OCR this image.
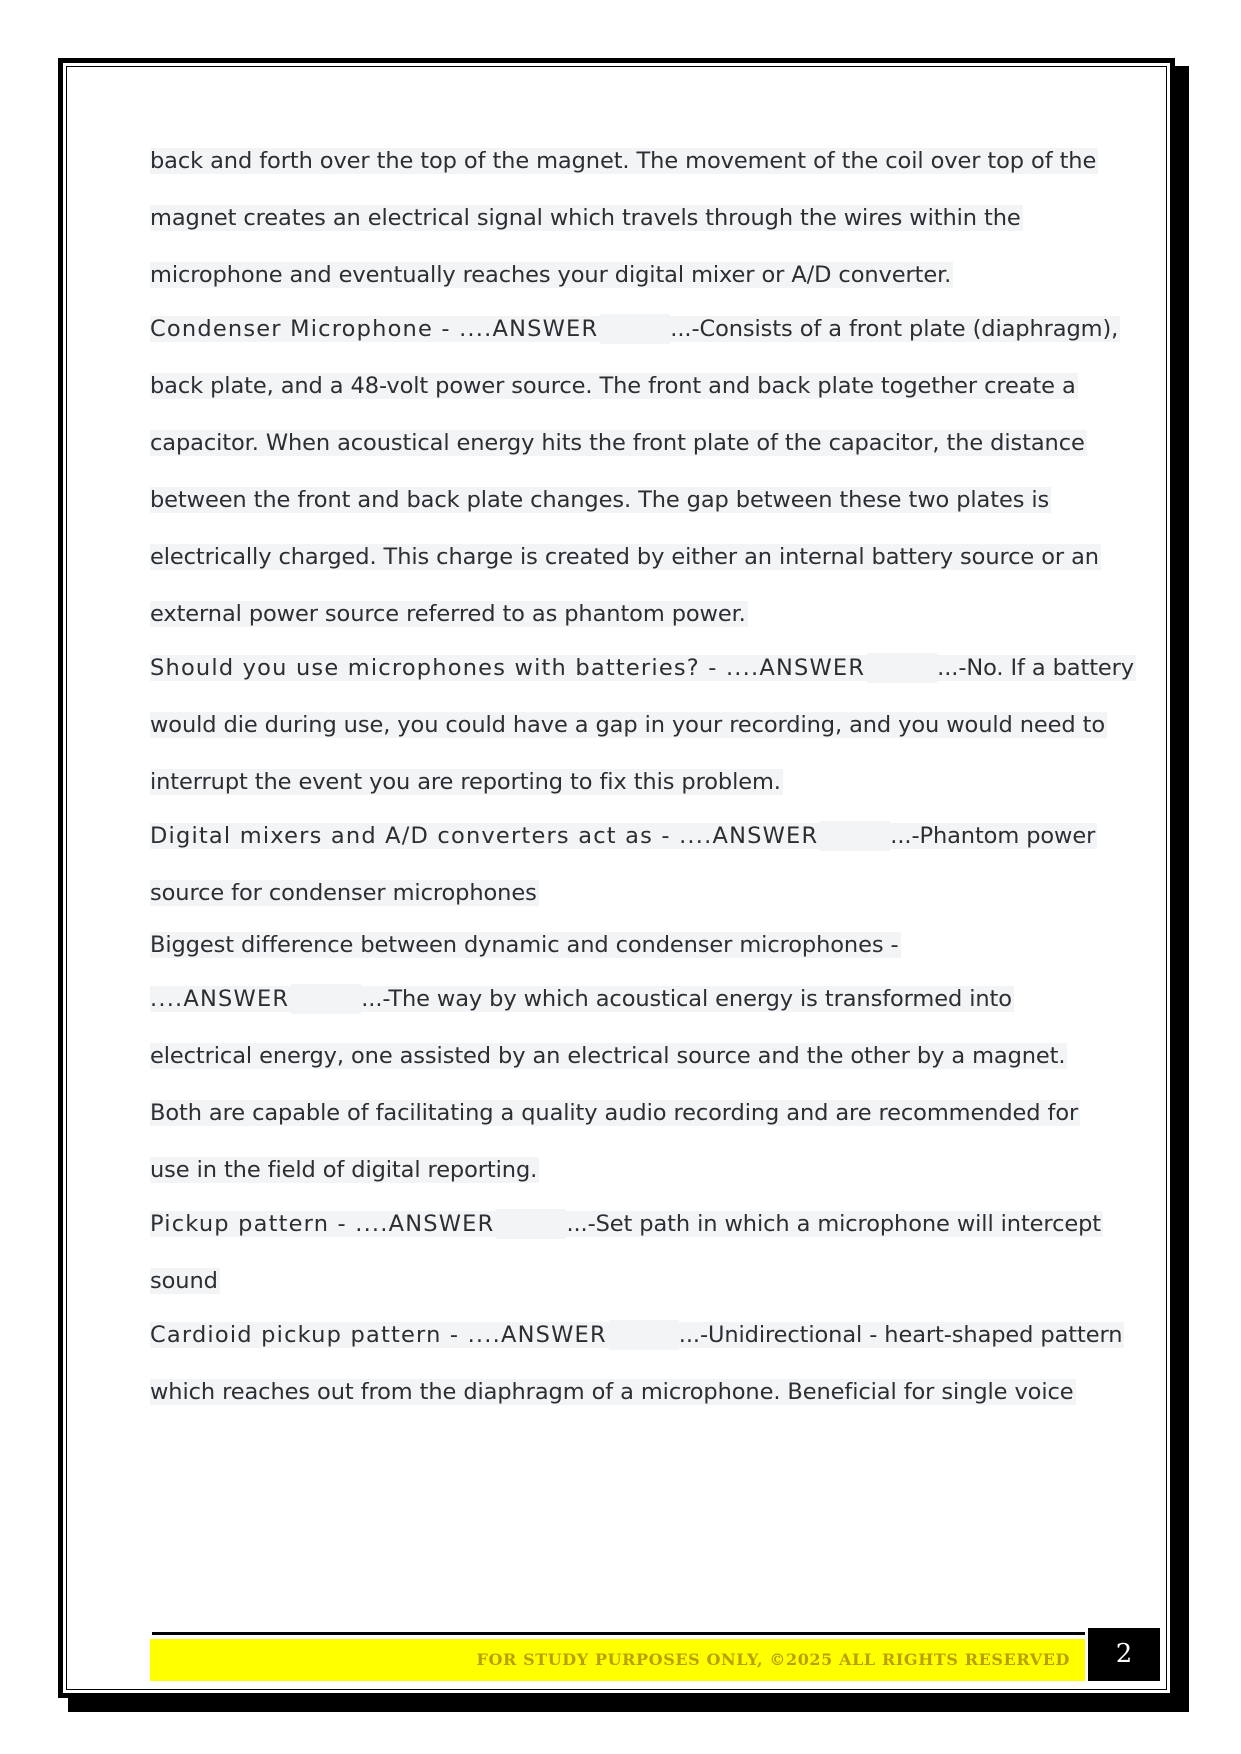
back and forth over the top of the magnet. The movement of the coil over top of the
magnet creates an electrical signal which travels through the wires within the
microphone and eventually reaches your digital mixer or A/D converter.
Condenser Microphone - ....ANSWER	...-Consists of a front plate (diaphragm),
back plate, and a 48-volt power source. The front and back plate together create a
capacitor. When acoustical energy hits the front plate of the capacitor, the distance
between the front and back plate changes. The gap between these two plates is
electrically charged. This charge is created by either an internal battery source or an
external power source referred to as phantom power.
Should you use microphones with batteries? - ....ANSWER	...-No. If a battery
would die during use, you could have a gap in your recording, and you would need to
interrupt the event you are reporting to fix this problem.
Digital mixers and A/D converters act as - ....ANSWER	...-Phantom power
source for condenser microphones
Biggest difference between dynamic and condenser microphones -
....ANSWER	...-The way by which acoustical energy is transformed into
electrical energy, one assisted by an electrical source and the other by a magnet.
Both are capable of facilitating a quality audio recording and are recommended for
use in the field of digital reporting.
Pickup pattern - ....ANSWER	...-Set path in which a microphone will intercept
sound
Cardioid pickup pattern - ....ANSWER	...-Unidirectional - heart-shaped pattern
which reaches out from the diaphragm of a microphone. Beneficial for single voice
FOR STUDY PURPOSES ONLY, ©2025 ALL RIGHTS RESERVED	2
